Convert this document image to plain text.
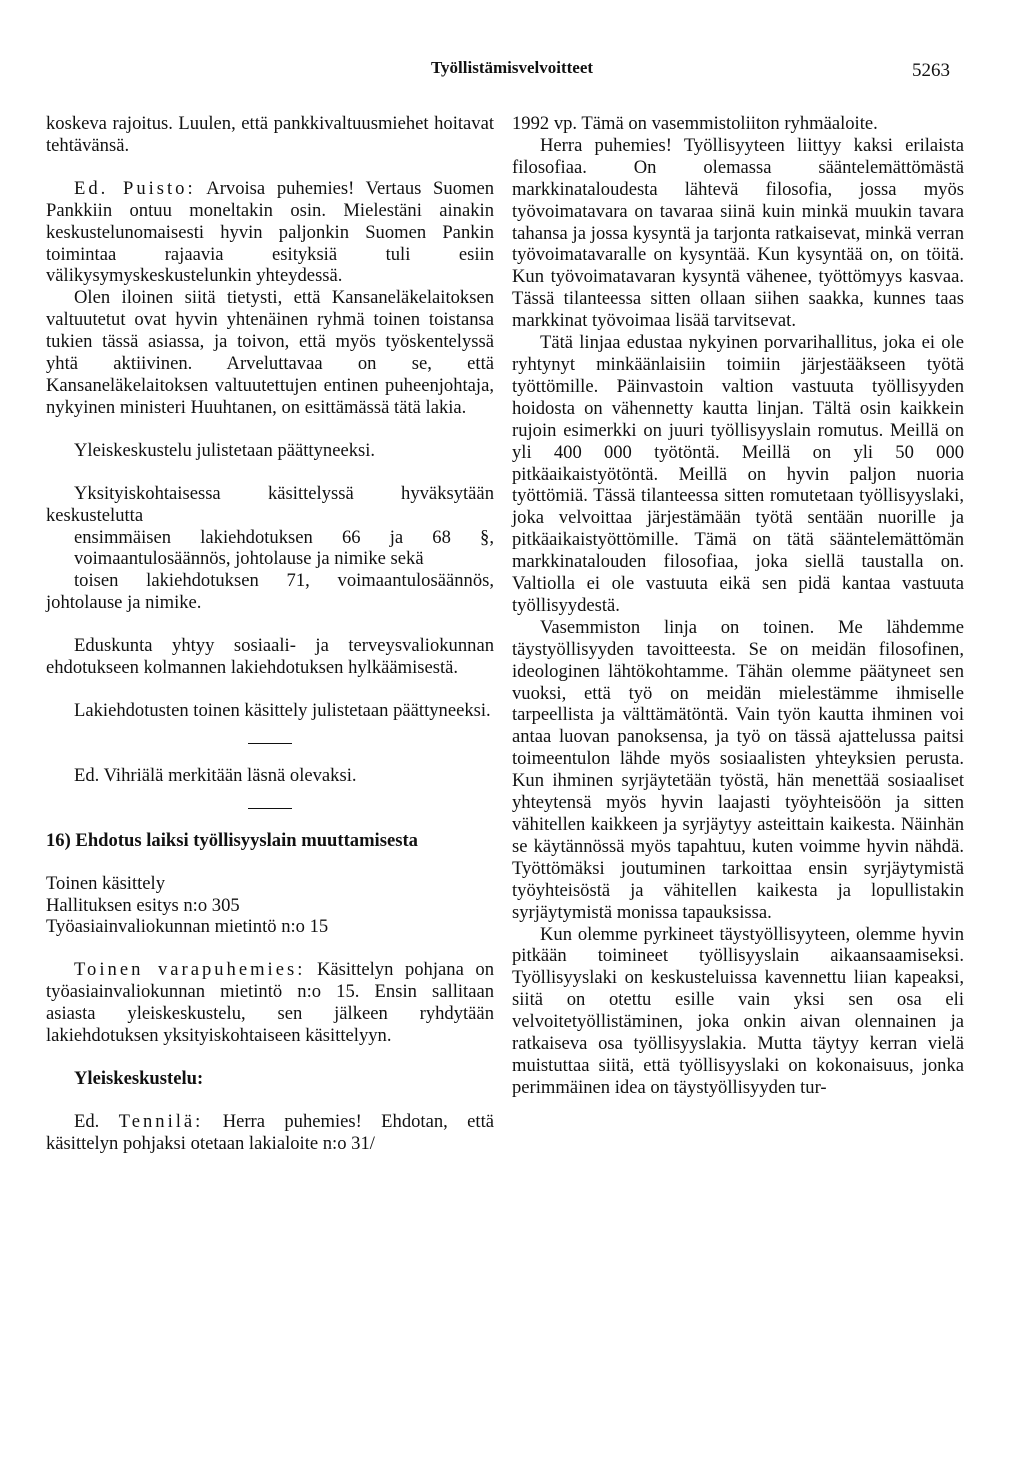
Työllistämisvelvoitteet	5263

koskeva rajoitus. Luulen, että pankkivaltuusmiehet hoitavat tehtävänsä.

Ed. Puisto: Arvoisa puhemies! Vertaus Suomen Pankkiin ontuu moneltakin osin. Mielestäni ainakin keskustelunomaisesti hyvin paljonkin Suomen Pankin toimintaa rajaavia esityksiä tuli esiin välikysymyskeskustelunkin yhteydessä.

Olen iloinen siitä tietysti, että Kansaneläkelaitoksen valtuutetut ovat hyvin yhtenäinen ryhmä toinen toistansa tukien tässä asiassa, ja toivon, että myös työskentelyssä yhtä aktiivinen. Arveluttavaa on se, että Kansaneläkelaitoksen valtuutettujen entinen puheenjohtaja, nykyinen ministeri Huuhtanen, on esittämässä tätä lakia.

Yleiskeskustelu julistetaan päättyneeksi.

Yksityiskohtaisessa käsittelyssä hyväksytään keskustelutta

ensimmäisen lakiehdotuksen 66 ja 68 §, voimaantulosäännös, johtolause ja nimike sekä

toisen lakiehdotuksen 71, voimaantulosäännös, johtolause ja nimike.

Eduskunta yhtyy sosiaali- ja terveysvaliokunnan ehdotukseen kolmannen lakiehdotuksen hylkäämisestä.

Lakiehdotusten toinen käsittely julistetaan päättyneeksi.

Ed. Vihriälä merkitään läsnä olevaksi.

16) Ehdotus laiksi työllisyyslain muuttamisesta

Toinen käsittely

Hallituksen esitys n:o 305

Työasiainvaliokunnan mietintö n:o 15

Toinen varapuhemies: Käsittelyn pohjana on työasiainvaliokunnan mietintö n:o 15. Ensin sallitaan asiasta yleiskeskustelu, sen jälkeen ryhdytään lakiehdotuksen yksityiskohtaiseen käsittelyyn.

Yleiskeskustelu:

Ed. Tennilä: Herra puhemies! Ehdotan, että käsittelyn pohjaksi otetaan lakialoite n:o 31/

1992 vp. Tämä on vasemmistoliiton ryhmäaloite.

Herra puhemies! Työllisyyteen liittyy kaksi erilaista filosofiaa. On olemassa sääntelemättömästä markkinataloudesta lähtevä filosofia, jossa myös työvoimatavara on tavaraa siinä kuin minkä muukin tavara tahansa ja jossa kysyntä ja tarjonta ratkaisevat, minkä verran työvoimatavaralle on kysyntää. Kun kysyntää on, on töitä. Kun työvoimatavaran kysyntä vähenee, työttömyys kasvaa. Tässä tilanteessa sitten ollaan siihen saakka, kunnes taas markkinat työvoimaa lisää tarvitsevat.

Tätä linjaa edustaa nykyinen porvarihallitus, joka ei ole ryhtynyt minkäänlaisiin toimiin järjestääkseen työtä työttömille. Päinvastoin valtion vastuuta työllisyyden hoidosta on vähennetty kautta linjan. Tältä osin kaikkein rujoin esimerkki on juuri työllisyyslain romutus. Meillä on yli 400 000 työtöntä. Meillä on yli 50 000 pitkäaikaistyötöntä. Meillä on hyvin paljon nuoria työttömiä. Tässä tilanteessa sitten romutetaan työllisyyslaki, joka velvoittaa järjestämään työtä sentään nuorille ja pitkäaikaistyöttömille. Tämä on tätä sääntelemättömän markkinatalouden filosofiaa, joka siellä taustalla on. Valtiolla ei ole vastuuta eikä sen pidä kantaa vastuuta työllisyydestä.

Vasemmiston linja on toinen. Me lähdemme täystyöllisyyden tavoitteesta. Se on meidän filosofinen, ideologinen lähtökohtamme. Tähän olemme päätyneet sen vuoksi, että työ on meidän mielestämme ihmiselle tarpeellista ja välttämätöntä. Vain työn kautta ihminen voi antaa luovan panoksensa, ja työ on tässä ajattelussa paitsi toimeentulon lähde myös sosiaalisten yhteyksien perusta. Kun ihminen syrjäytetään työstä, hän menettää sosiaaliset yhteytensä myös hyvin laajasti työyhteisöön ja sitten vähitellen kaikkeen ja syrjäytyy asteittain kaikesta. Näinhän se käytännössä myös tapahtuu, kuten voimme hyvin nähdä. Työttömäksi joutuminen tarkoittaa ensin syrjäytymistä työyhteisöstä ja vähitellen kaikesta ja lopullistakin syrjäytymistä monissa tapauksissa.

Kun olemme pyrkineet täystyöllisyyteen, olemme hyvin pitkään toimineet työllisyyslain aikaansaamiseksi. Työllisyyslaki on keskusteluissa kavennettu liian kapeaksi, siitä on otettu esille vain yksi sen osa eli velvoitetyöllistäminen, joka onkin aivan olennainen ja ratkaiseva osa työllisyyslakia. Mutta täytyy kerran vielä muistuttaa siitä, että työllisyyslaki on kokonaisuus, jonka perimmäinen idea on täystyöllisyyden tur-
